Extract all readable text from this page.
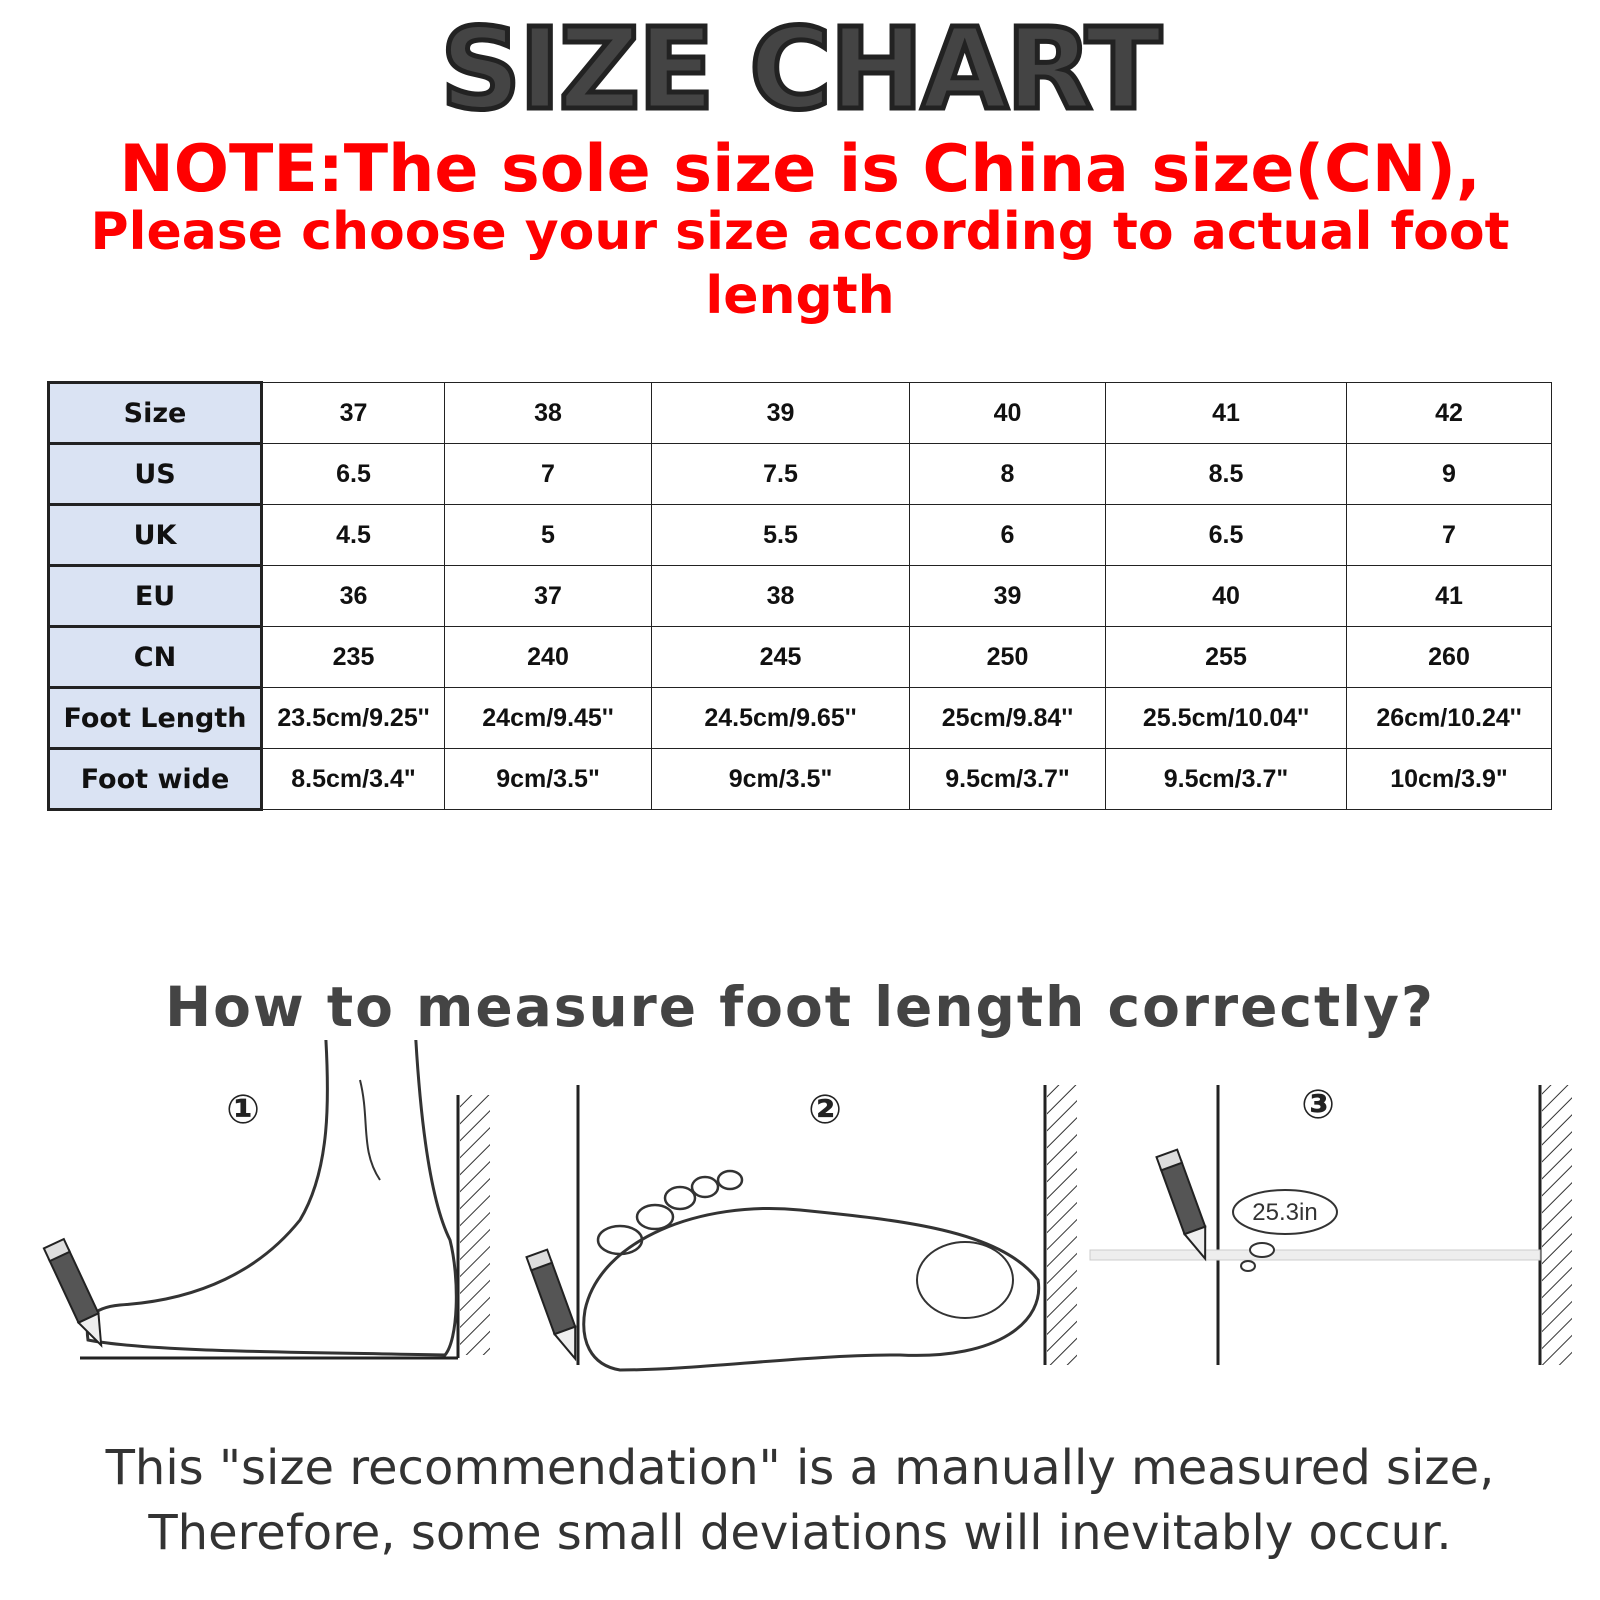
SIZE CHART
NOTE:The sole size is China size(CN),
Please choose your size according to actual foot length
Size	37	38	39	40	41	42
US	6.5	7	7.5	8	8.5	9
UK	4.5	5	5.5	6	6.5	7
EU	36	37	38	39	40	41
CN	235	240	245	250	255	260
Foot Length	23.5cm/9.25''	24cm/9.45''	24.5cm/9.65''	25cm/9.84''	25.5cm/10.04''	26cm/10.24''
Foot wide	8.5cm/3.4"	9cm/3.5"	9cm/3.5"	9.5cm/3.7"	9.5cm/3.7"	10cm/3.9"
How to measure foot length correctly?
①	②	③
25.3in
This "size recommendation" is a manually measured size,
Therefore, some small deviations will inevitably occur.
